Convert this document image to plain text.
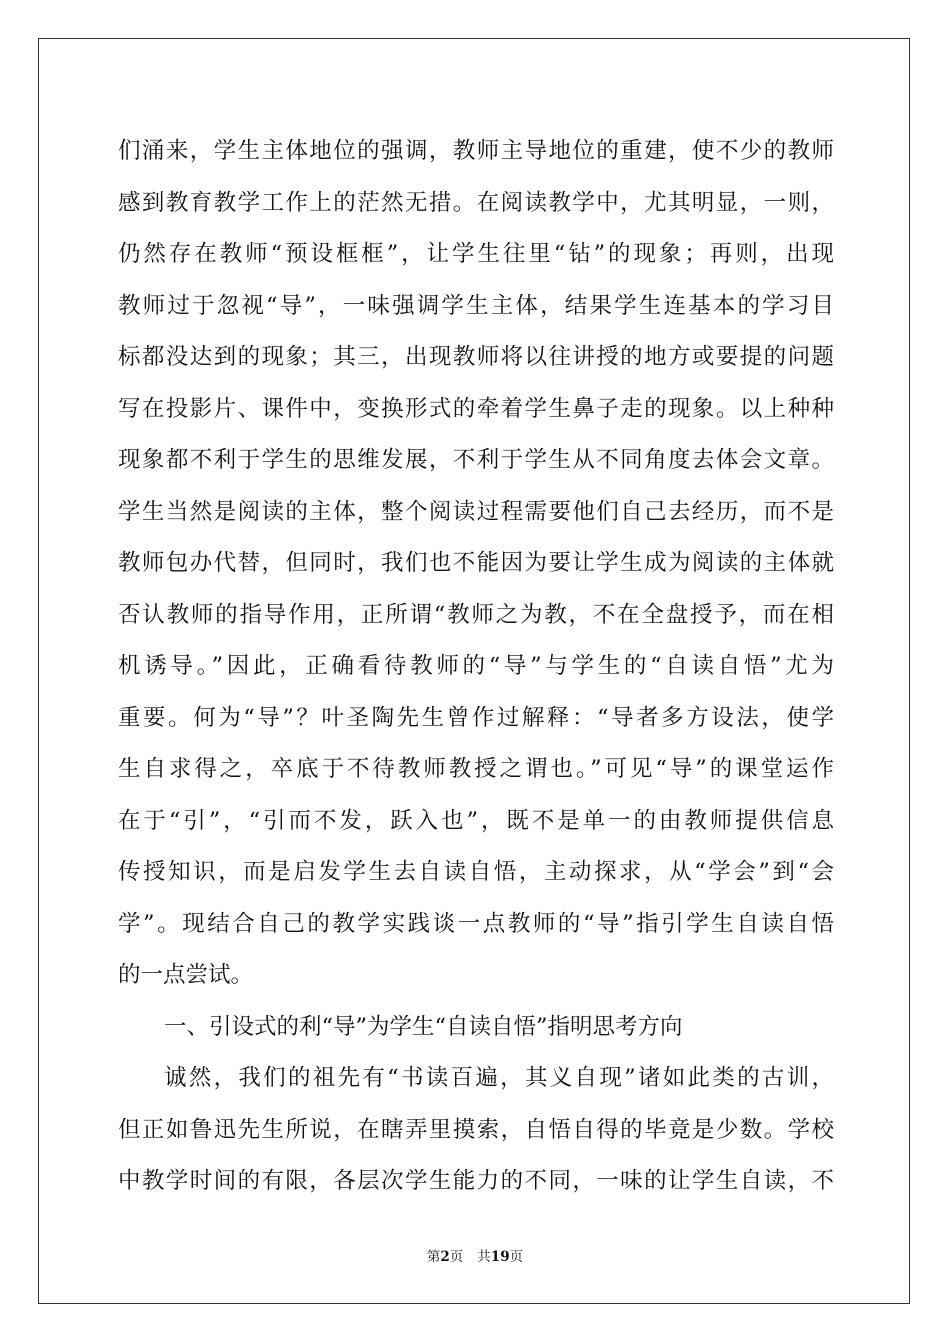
们涌来，学生主体地位的强调，教师主导地位的重建，使不少的教师
感到教育教学工作上的茫然无措。在阅读教学中，尤其明显，一则，
仍然存在教师“预设框框”，让学生往里“钻”的现象；再则，出现
教师过于忽视“导”，一味强调学生主体，结果学生连基本的学习目
标都没达到的现象；其三，出现教师将以往讲授的地方或要提的问题
写在投影片、课件中，变换形式的牵着学生鼻子走的现象。以上种种
现象都不利于学生的思维发展，不利于学生从不同角度去体会文章。
学生当然是阅读的主体，整个阅读过程需要他们自己去经历，而不是
教师包办代替，但同时，我们也不能因为要让学生成为阅读的主体就
否认教师的指导作用，正所谓“教师之为教，不在全盘授予，而在相
机诱导。”因此，正确看待教师的“导”与学生的“自读自悟”尤为
重要。何为“导”？叶圣陶先生曾作过解释：“导者多方设法，使学
生自求得之，卒底于不待教师教授之谓也。”可见“导”的课堂运作
在于“引”，“引而不发，跃入也”，既不是单一的由教师提供信息
传授知识，而是启发学生去自读自悟，主动探求，从“学会”到“会
学”。现结合自己的教学实践谈一点教师的“导”指引学生自读自悟
的一点尝试。
一、引设式的利“导”为学生“自读自悟”指明思考方向
诚然，我们的祖先有“书读百遍，其义自现”诸如此类的古训，
但正如鲁迅先生所说，在瞎弄里摸索，自悟自得的毕竟是少数。学校
中教学时间的有限，各层次学生能力的不同，一味的让学生自读，不
第2页 共19页
